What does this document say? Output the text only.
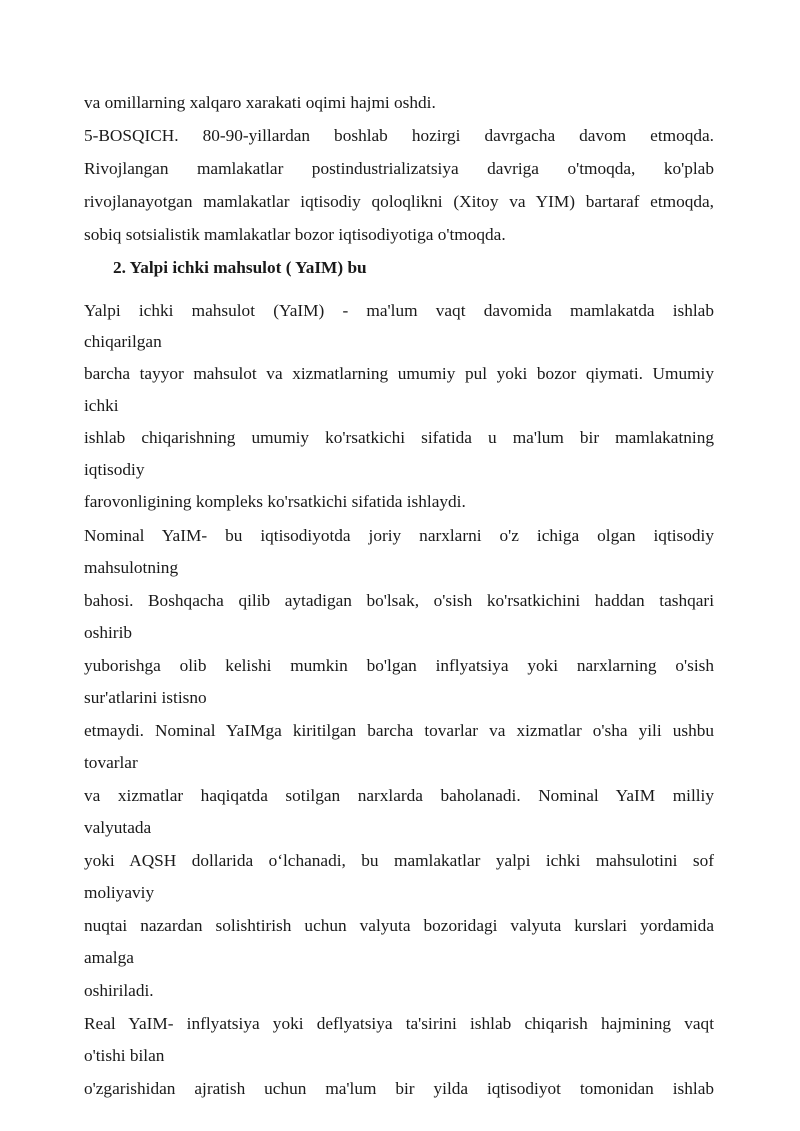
va omillarning xalqaro xarakati oqimi hajmi oshdi.

5-BOSQICH. 80-90-yillardan boshlab hozirgi davrgacha davom etmoqda.

Rivojlangan mamlakatlar postindustrializatsiya davriga o'tmoqda, ko'plab

rivojlanayotgan mamlakatlar iqtisodiy qoloqlikni (Xitoy va YIM) bartaraf etmoqda,

sobiq sotsialistik mamlakatlar bozor iqtisodiyotiga o'tmoqda.

2. Yalpi ichki mahsulot ( YaIM) bu

Yalpi ichki mahsulot (YaIM) - ma'lum vaqt davomida mamlakatda ishlab

chiqarilgan

barcha tayyor mahsulot va xizmatlarning umumiy pul yoki bozor qiymati. Umumiy

ichki

ishlab chiqarishning umumiy ko'rsatkichi sifatida u ma'lum bir mamlakatning

iqtisodiy

farovonligining kompleks ko'rsatkichi sifatida ishlaydi.

Nominal YaIM- bu iqtisodiyotda joriy narxlarni o'z ichiga olgan iqtisodiy

mahsulotning

bahosi. Boshqacha qilib aytadigan bo'lsak, o'sish ko'rsatkichini haddan tashqari

oshirib

yuborishga olib kelishi mumkin bo'lgan inflyatsiya yoki narxlarning o'sish

sur'atlarini istisno

etmaydi. Nominal YaIMga kiritilgan barcha tovarlar va xizmatlar o'sha yili ushbu

tovarlar

va xizmatlar haqiqatda sotilgan narxlarda baholanadi. Nominal YaIM milliy

valyutada

yoki AQSH dollarida o‘lchanadi, bu mamlakatlar yalpi ichki mahsulotini sof

moliyaviy

nuqtai nazardan solishtirish uchun valyuta bozoridagi valyuta kurslari yordamida

amalga

oshiriladi.

Real YaIM- inflyatsiya yoki deflyatsiya ta'sirini ishlab chiqarish hajmining vaqt

o'tishi bilan

o'zgarishidan ajratish uchun ma'lum bir yilda iqtisodiyot tomonidan ishlab
